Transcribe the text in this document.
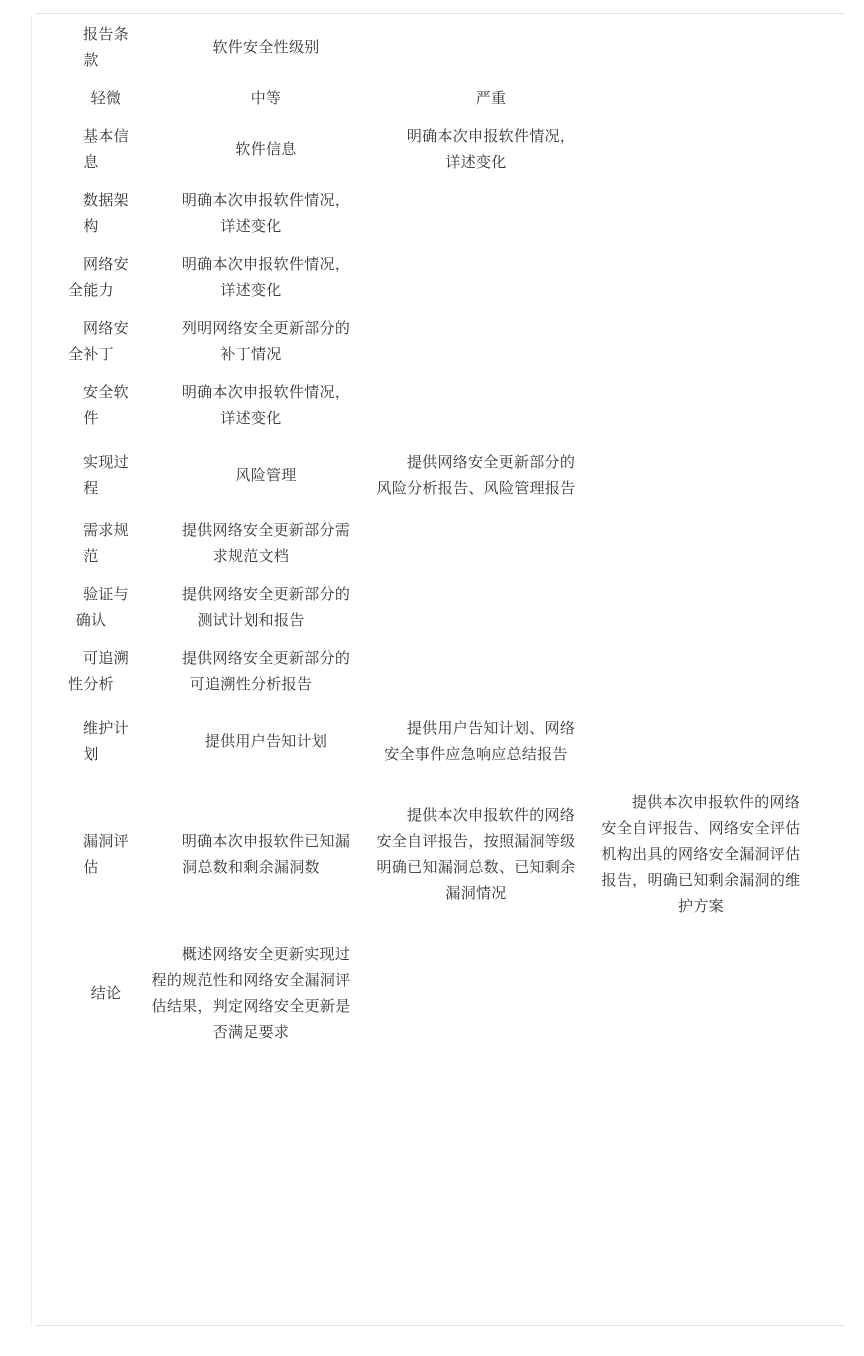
报告条款	软件安全性级别		

轻微	中等	严重	

基本信息	软件信息	明确本次申报软件情况，详述变化	

数据架构	明确本次申报软件情况，详述变化		

网络安全能力	明确本次申报软件情况，详述变化		

网络安全补丁	列明网络安全更新部分的补丁情况		

安全软件	明确本次申报软件情况，详述变化		

实现过程	风险管理	提供网络安全更新部分的风险分析报告、风险管理报告	

需求规范	提供网络安全更新部分需求规范文档		

验证与确认	提供网络安全更新部分的测试计划和报告		

可追溯性分析	提供网络安全更新部分的可追溯性分析报告		

维护计划	提供用户告知计划	提供用户告知计划、网络安全事件应急响应总结报告	

漏洞评估	明确本次申报软件已知漏洞总数和剩余漏洞数	提供本次申报软件的网络安全自评报告，按照漏洞等级明确已知漏洞总数、已知剩余漏洞情况	提供本次申报软件的网络安全自评报告、网络安全评估机构出具的网络安全漏洞评估报告，明确已知剩余漏洞的维护方案

结论	概述网络安全更新实现过程的规范性和网络安全漏洞评估结果，判定网络安全更新是否满足要求		
